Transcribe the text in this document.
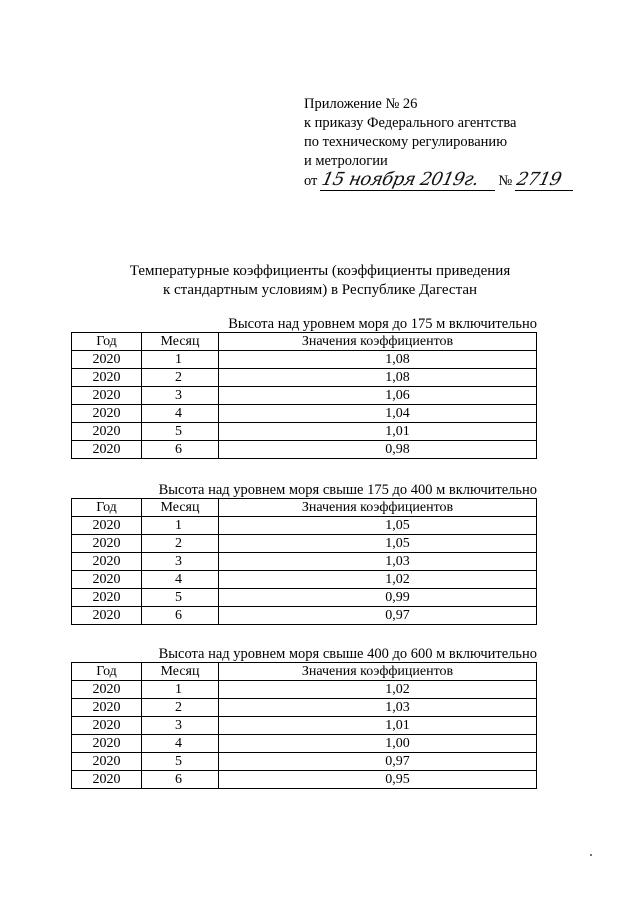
Приложение № 26
к приказу Федерального агентства
по техническому регулированию
и метрологии
от 15 ноября 2019г. № 2719
Температурные коэффициенты (коэффициенты приведения
к стандартным условиям) в Республике Дагестан
Высота над уровнем моря до 175 м включительно
Год	Месяц	Значения коэффициентов
2020	1	1,08
2020	2	1,08
2020	3	1,06
2020	4	1,04
2020	5	1,01
2020	6	0,98
Высота над уровнем моря свыше 175 до 400 м включительно
Год	Месяц	Значения коэффициентов
2020	1	1,05
2020	2	1,05
2020	3	1,03
2020	4	1,02
2020	5	0,99
2020	6	0,97
Высота над уровнем моря свыше 400 до 600 м включительно
Год	Месяц	Значения коэффициентов
2020	1	1,02
2020	2	1,03
2020	3	1,01
2020	4	1,00
2020	5	0,97
2020	6	0,95
